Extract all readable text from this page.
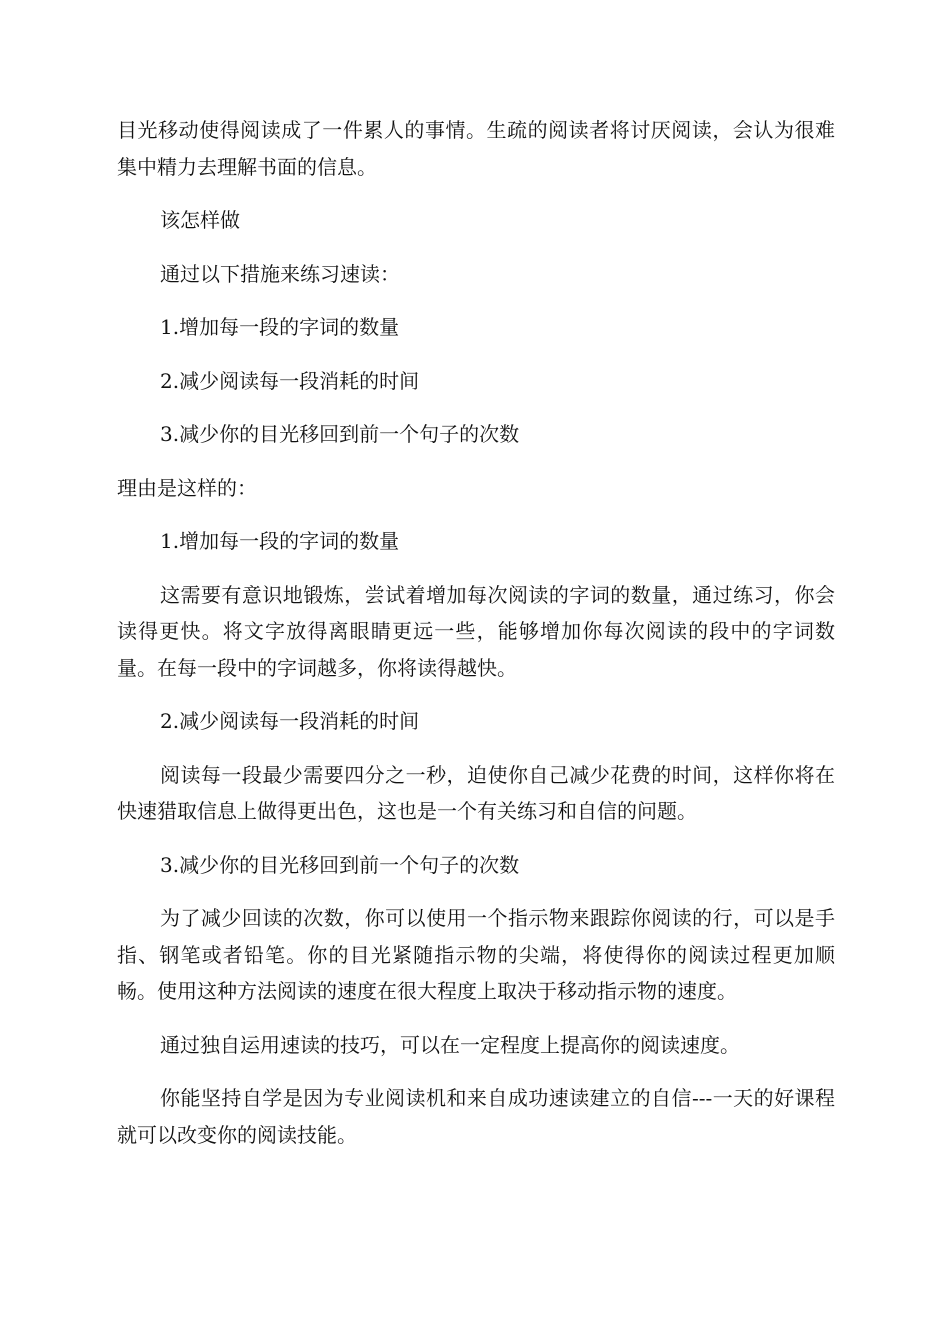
目光移动使得阅读成了一件累人的事情。生疏的阅读者将讨厌阅读，会认为很难集中精力去理解书面的信息。

该怎样做

通过以下措施来练习速读：

1.增加每一段的字词的数量

2.减少阅读每一段消耗的时间

3.减少你的目光移回到前一个句子的次数

理由是这样的：

1.增加每一段的字词的数量

这需要有意识地锻炼，尝试着增加每次阅读的字词的数量，通过练习，你会读得更快。将文字放得离眼睛更远一些，能够增加你每次阅读的段中的字词数量。在每一段中的字词越多，你将读得越快。

2.减少阅读每一段消耗的时间

阅读每一段最少需要四分之一秒，迫使你自己减少花费的时间，这样你将在快速猎取信息上做得更出色，这也是一个有关练习和自信的问题。

3.减少你的目光移回到前一个句子的次数

为了减少回读的次数，你可以使用一个指示物来跟踪你阅读的行，可以是手指、钢笔或者铅笔。你的目光紧随指示物的尖端，将使得你的阅读过程更加顺畅。使用这种方法阅读的速度在很大程度上取决于移动指示物的速度。

通过独自运用速读的技巧，可以在一定程度上提高你的阅读速度。

你能坚持自学是因为专业阅读机和来自成功速读建立的自信---一天的好课程就可以改变你的阅读技能。
